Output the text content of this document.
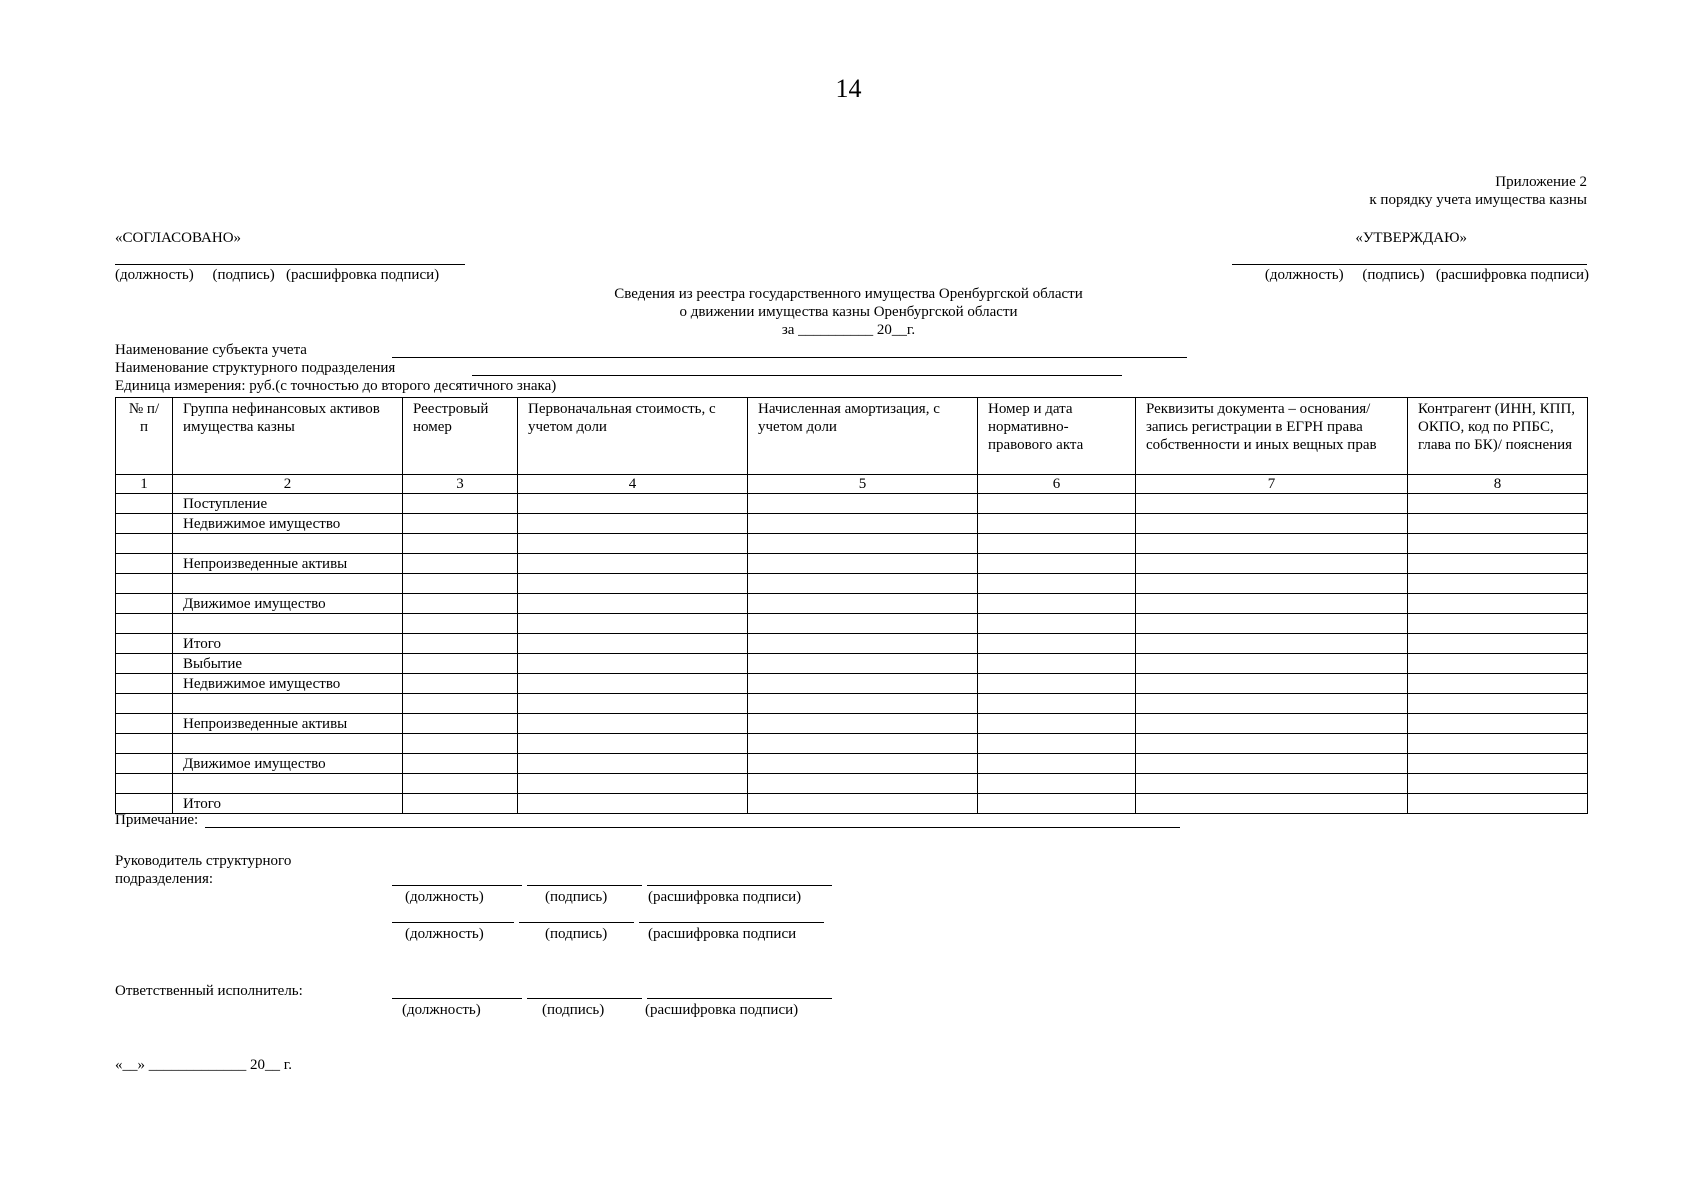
14
Приложение 2
к порядку учета имущества казны
«СОГЛАСОВАНО»	«УТВЕРЖДАЮ»
(должность)     (подпись)   (расшифровка подписи)	(должность)     (подпись)   (расшифровка подписи)
Сведения из реестра государственного имущества Оренбургской области
о движении имущества казны Оренбургской области
за __________ 20__г.
Наименование субъекта учета
Наименование структурного подразделения
Единица измерения: руб.(с точностью до второго десятичного знака)
№ п/п	Группа нефинансовых активов имущества казны	Реестровый номер	Первоначальная стоимость, с учетом доли	Начисленная амортизация, с учетом доли	Номер и дата нормативно-правового акта	Реквизиты документа – основания/ запись регистрации в ЕГРН права собственности и иных вещных прав	Контрагент (ИНН, КПП, ОКПО, код по РПБС, глава по БК)/ пояснения
1	2	3	4	5	6	7	8
	Поступление						
	Недвижимое имущество						

	Непроизведенные активы						

	Движимое имущество						

	Итого						
	Выбытие						
	Недвижимое имущество						

	Непроизведенные активы						

	Движимое имущество						

	Итого						
Примечание:
Руководитель структурного
подразделения:
(должность)	(подпись)	(расшифровка подписи)
(должность)	(подпись)	(расшифровка подписи
Ответственный исполнитель:
(должность)	(подпись)	(расшифровка подписи)
«__» _____________ 20__ г.
